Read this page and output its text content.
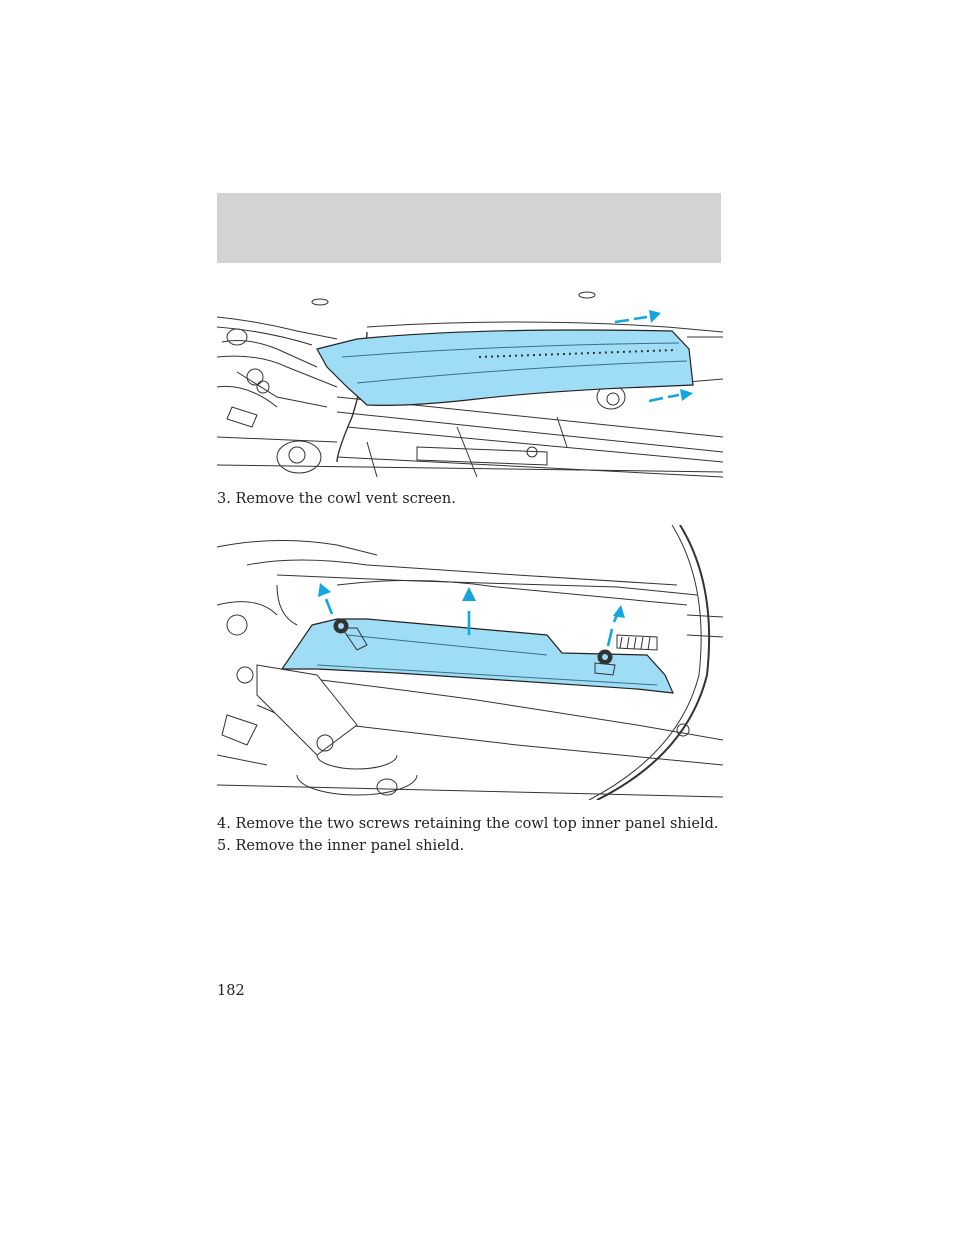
3. Remove the cowl vent screen.
4. Remove the two screws retaining the cowl top inner panel shield.
5. Remove the inner panel shield.
182
